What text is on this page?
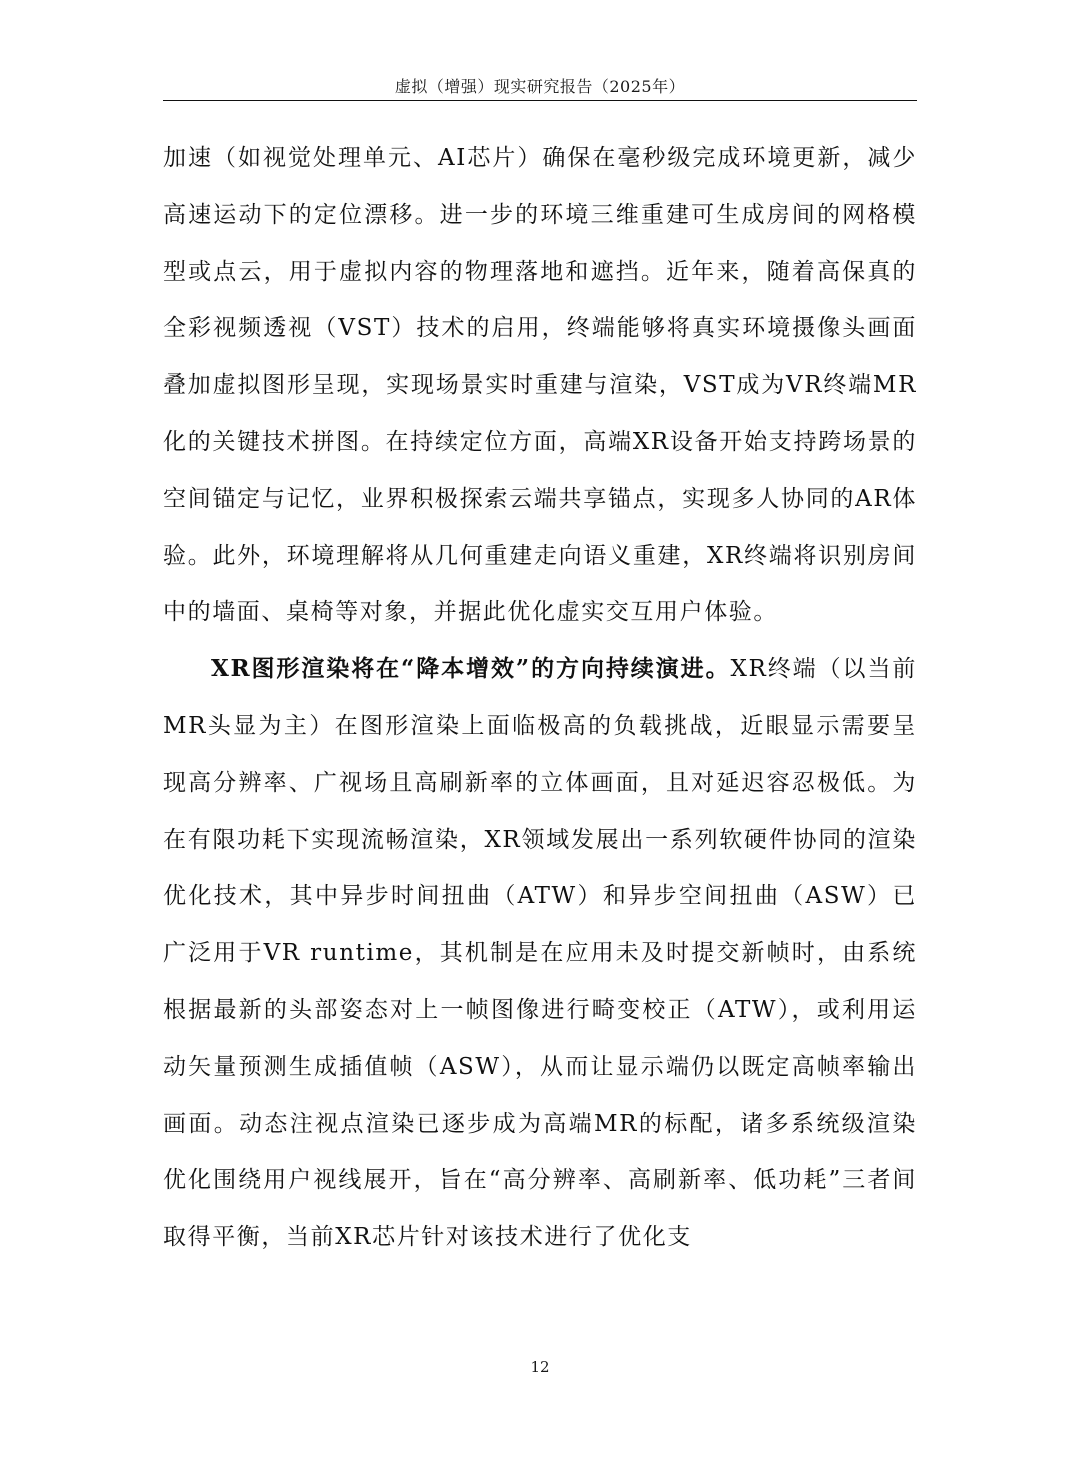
虚拟（增强）现实研究报告（2025年）

加速（如视觉处理单元、AI芯片）确保在毫秒级完成环境更新，减少高速运动下的定位漂移。进一步的环境三维重建可生成房间的网格模型或点云，用于虚拟内容的物理落地和遮挡。近年来，随着高保真的全彩视频透视（VST）技术的启用，终端能够将真实环境摄像头画面叠加虚拟图形呈现，实现场景实时重建与渲染，VST成为VR终端MR化的关键技术拼图。在持续定位方面，高端XR设备开始支持跨场景的空间锚定与记忆，业界积极探索云端共享锚点，实现多人协同的AR体验。此外，环境理解将从几何重建走向语义重建，XR终端将识别房间中的墙面、桌椅等对象，并据此优化虚实交互用户体验。

XR图形渲染将在“降本增效”的方向持续演进。XR终端（以当前MR头显为主）在图形渲染上面临极高的负载挑战，近眼显示需要呈现高分辨率、广视场且高刷新率的立体画面，且对延迟容忍极低。为在有限功耗下实现流畅渲染，XR领域发展出一系列软硬件协同的渲染优化技术，其中异步时间扭曲（ATW）和异步空间扭曲（ASW）已广泛用于VR runtime，其机制是在应用未及时提交新帧时，由系统根据最新的头部姿态对上一帧图像进行畸变校正（ATW），或利用运动矢量预测生成插值帧（ASW），从而让显示端仍以既定高帧率输出画面。动态注视点渲染已逐步成为高端MR的标配，诸多系统级渲染优化围绕用户视线展开，旨在“高分辨率、高刷新率、低功耗”三者间取得平衡，当前XR芯片针对该技术进行了优化支

12
